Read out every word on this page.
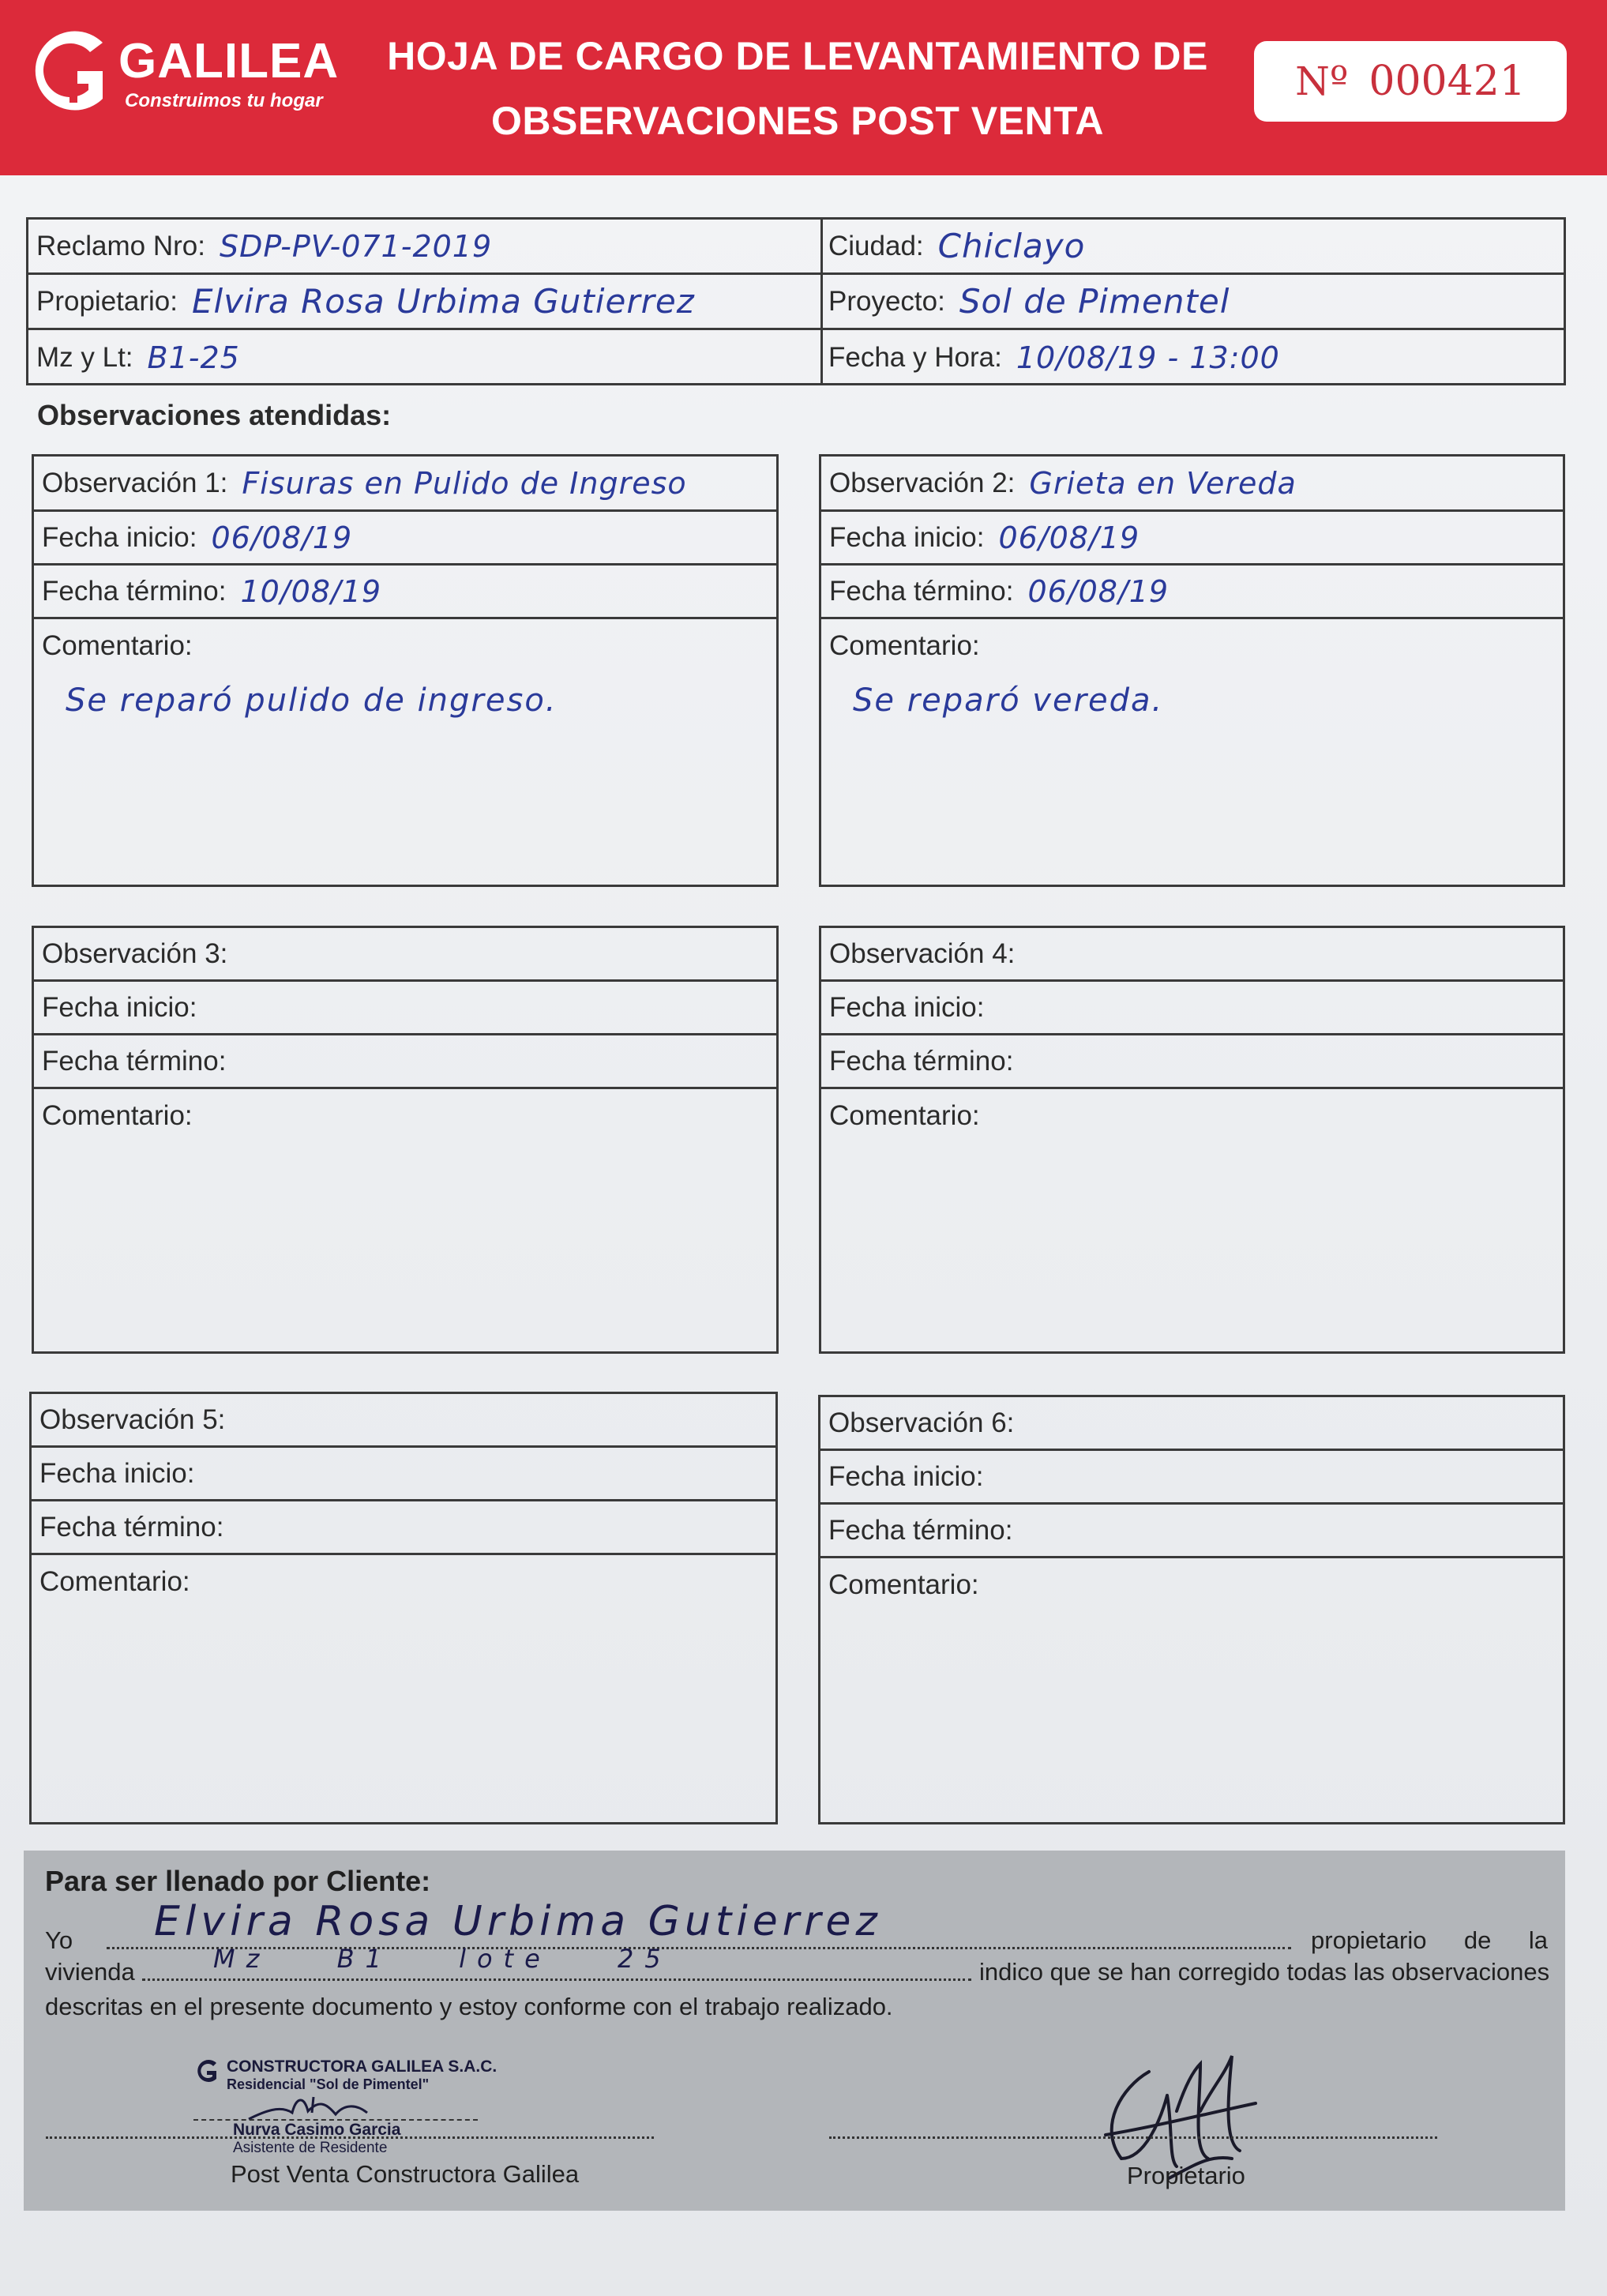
GALILEA
Construimos tu hogar
HOJA DE CARGO DE LEVANTAMIENTO DE
OBSERVACIONES POST VENTA
Nº 000421
Reclamo Nro: SDP-PV-071-2019	Ciudad: Chiclayo
Propietario: Elvira Rosa Urbima Gutierrez	Proyecto: Sol de Pimentel
Mz y Lt: B1-25	Fecha y Hora: 10/08/19 - 13:00
Observaciones atendidas:
Observación 1: Fisuras en Pulido de Ingreso
Fecha inicio: 06/08/19
Fecha término: 10/08/19
Comentario:
Se reparó pulido de ingreso.
Observación 2: Grieta en Vereda
Fecha inicio: 06/08/19
Fecha término: 06/08/19
Comentario:
Se reparó vereda.
Observación 3:
Fecha inicio:
Fecha término:
Comentario:
Observación 4:
Fecha inicio:
Fecha término:
Comentario:
Observación 5:
Fecha inicio:
Fecha término:
Comentario:
Observación 6:
Fecha inicio:
Fecha término:
Comentario:
Para ser llenado por Cliente:
Yo Elvira Rosa Urbima Gutierrez	propietario de la
vivienda	Mz B1 lote 25	indico que se han corregido todas las observaciones
descritas en el presente documento y estoy conforme con el trabajo realizado.
CONSTRUCTORA GALILEA S.A.C.
Residencial "Sol de Pimentel"
Nurva Casimo Garcia
Asistente de Residente
Post Venta Constructora Galilea	Propietario
